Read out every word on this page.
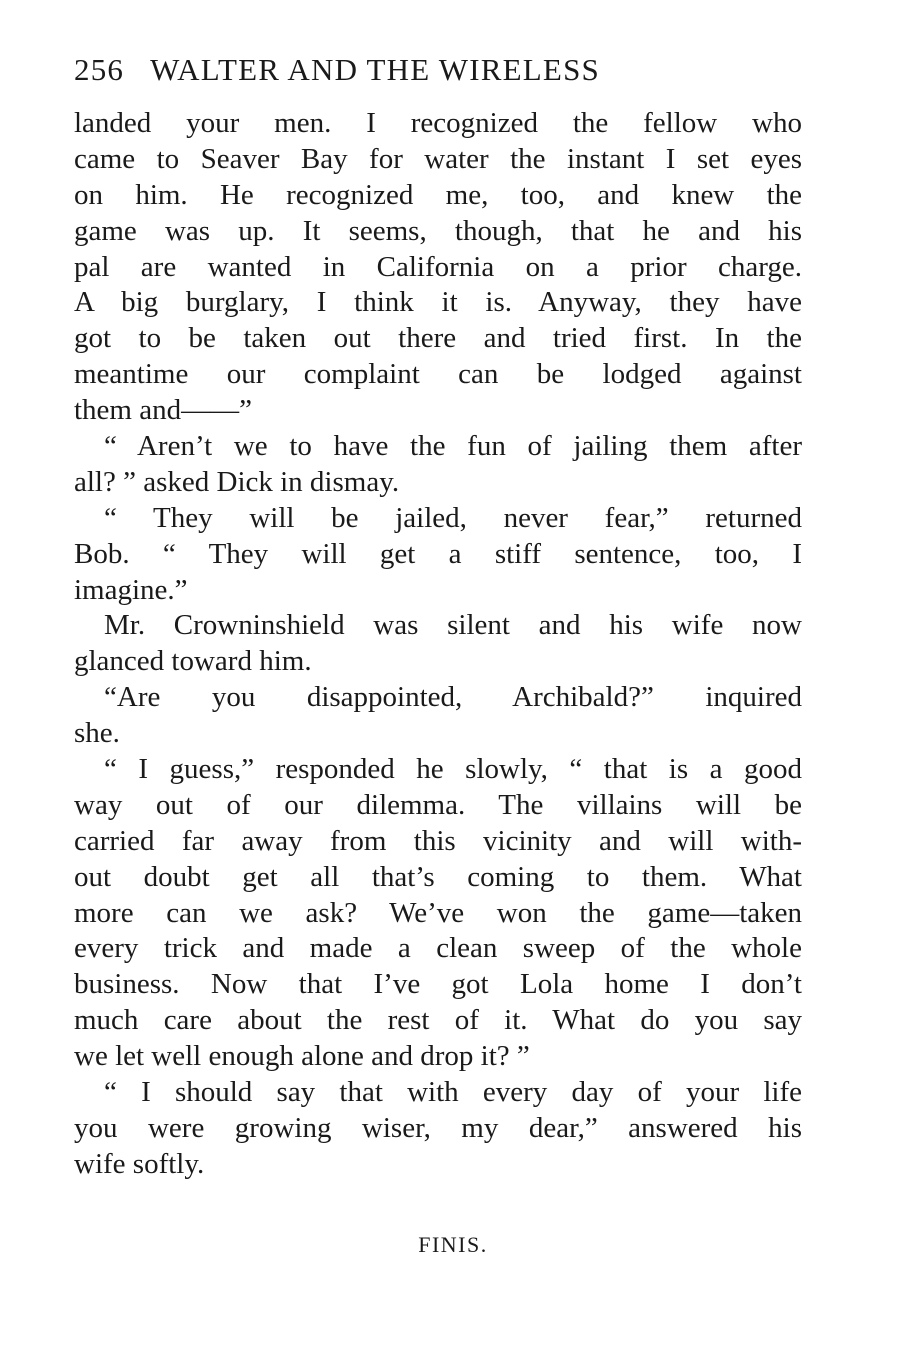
256 WALTER AND THE WIRELESS
landed your men. I recognized the fellow who
came to Seaver Bay for water the instant I set eyes
on him. He recognized me, too, and knew the
game was up. It seems, though, that he and his
pal are wanted in California on a prior charge.
A big burglary, I think it is. Anyway, they have
got to be taken out there and tried first. In the
meantime our complaint can be lodged against
them and——”
“ Aren’t we to have the fun of jailing them after
all? ” asked Dick in dismay.
“ They will be jailed, never fear,” returned
Bob. “ They will get a stiff sentence, too, I
imagine.”
Mr. Crowninshield was silent and his wife now
glanced toward him.
“Are you disappointed, Archibald?” inquired
she.
“ I guess,” responded he slowly, “ that is a good
way out of our dilemma. The villains will be
carried far away from this vicinity and will with-
out doubt get all that’s coming to them. What
more can we ask? We’ve won the game—taken
every trick and made a clean sweep of the whole
business. Now that I’ve got Lola home I don’t
much care about the rest of it. What do you say
we let well enough alone and drop it? ”
“ I should say that with every day of your life
you were growing wiser, my dear,” answered his
wife softly.
FINIS.
